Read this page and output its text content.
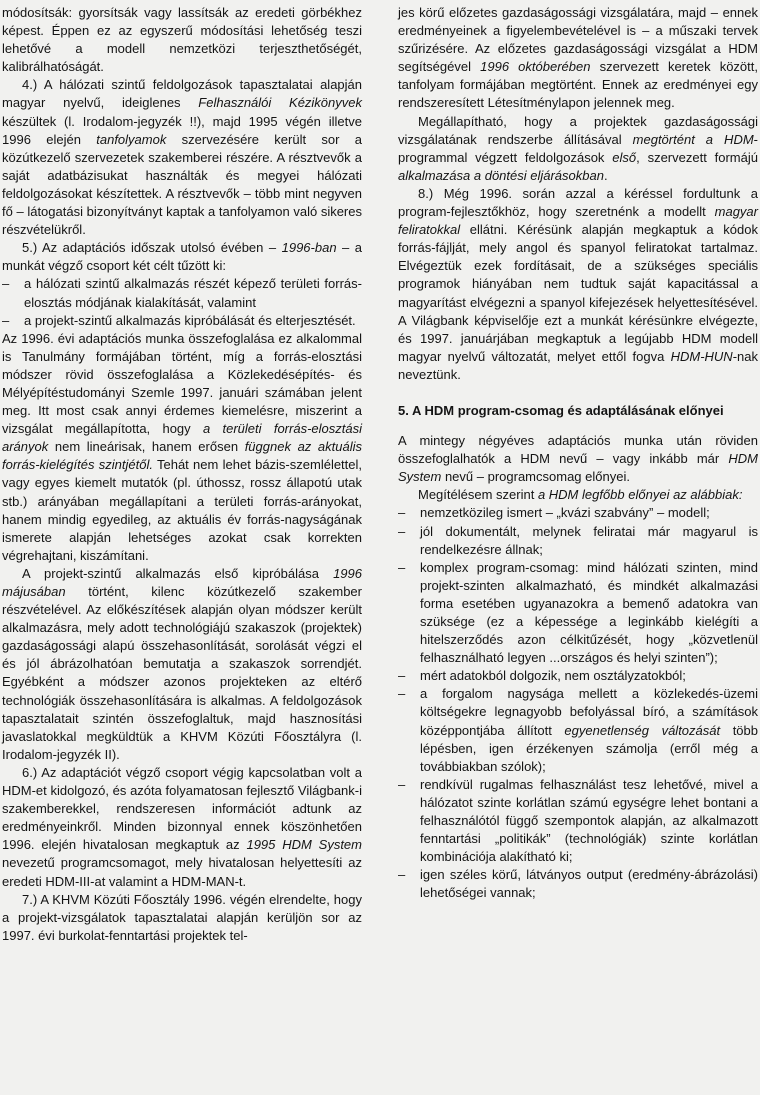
módosítsák: gyorsítsák vagy lassítsák az eredeti görbékhez képest. Éppen ez az egyszerű módosítási lehetőség teszi lehetővé a modell nemzetközi terjeszthetőségét, kalibrálhatóságát.

4.) A hálózati szintű feldolgozások tapasztalatai alapján magyar nyelvű, ideiglenes Felhasználói Kézikönyvek készültek (l. Irodalom-jegyzék !!), majd 1995 végén illetve 1996 elején tanfolyamok szervezésére került sor a közútkezelő szervezetek szakemberei részére. A résztvevők a saját adatbázisukat használták és megyei hálózati feldolgozásokat készítettek. A résztvevők – több mint negyven fő – látogatási bizonyítványt kaptak a tanfolyamon való sikeres részvételükről.

5.) Az adaptációs időszak utolsó évében – 1996-ban – a munkát végző csoport két célt tűzött ki:

– a hálózati szintű alkalmazás részét képező területi forrás-elosztás módjának kialakítását, valamint
– a projekt-szintű alkalmazás kipróbálását és elterjesztését.

Az 1996. évi adaptációs munka összefoglalása ez alkalommal is Tanulmány formájában történt, míg a forrás-elosztási módszer rövid összefoglalása a Közlekedésépítés- és Mélyépítéstudományi Szemle 1997. januári számában jelent meg. Itt most csak annyi érdemes kiemelésre, miszerint a vizsgálat megállapította, hogy a területi forrás-elosztási arányok nem lineárisak, hanem erősen függnek az aktuális forrás-kielégítés szintjétől. Tehát nem lehet bázis-szemlélettel, vagy egyes kiemelt mutatók (pl. úthossz, rossz állapotú utak stb.) arányában megállapítani a területi forrás-arányokat, hanem mindig egyedileg, az aktuális év forrás-nagyságának ismerete alapján lehetséges azokat csak korrekten végrehajtani, kiszámítani.

A projekt-szintű alkalmazás első kipróbálása 1996 májusában történt, kilenc közútkezelő szakember részvételével. Az előkészítések alapján olyan módszer került alkalmazásra, mely adott technológiájú szakaszok (projektek) gazdaságossági alapú összehasonlítását, sorolását végzi el és jól ábrázolhatóan bemutatja a szakaszok sorrendjét. Egyébként a módszer azonos projekteken az eltérő technológiák összehasonlítására is alkalmas. A feldolgozások tapasztalatait szintén összefoglaltuk, majd hasznosítási javaslatokkal megküldtük a KHVM Közúti Főosztályra (l. Irodalom-jegyzék II).

6.) Az adaptációt végző csoport végig kapcsolatban volt a HDM-et kidolgozó, és azóta folyamatosan fejlesztő Világbank-i szakemberekkel, rendszeresen információt adtunk az eredményeinkről. Minden bizonnyal ennek köszönhetően 1996. elején hivatalosan megkaptuk az 1995 HDM System nevezetű programcsomagot, mely hivatalosan helyettesíti az eredeti HDM-III-at valamint a HDM-MAN-t.

7.) A KHVM Közúti Főosztály 1996. végén elrendelte, hogy a projekt-vizsgálatok tapasztalatai alapján kerüljön sor az 1997. évi burkolat-fenntartási projektek tel-

jes körű előzetes gazdaságossági vizsgálatára, majd – ennek eredményeinek a figyelembevételével is – a műszaki tervek szűrizésére. Az előzetes gazdaságossági vizsgálat a HDM segítségével 1996 októberében szervezett keretek között, tanfolyam formájában megtörtént. Ennek az eredményei egy rendszeresített Létesítménylapon jelennek meg.

Megállapítható, hogy a projektek gazdaságossági vizsgálatának rendszerbe állításával megtörtént a HDM-programmal végzett feldolgozások első, szervezett formájú alkalmazása a döntési eljárásokban.

8.) Még 1996. során azzal a kéréssel fordultunk a program-fejlesztőkhöz, hogy szeretnénk a modellt magyar feliratokkal ellátni. Kérésünk alapján megkaptuk a kódok forrás-fájlját, mely angol és spanyol feliratokat tartalmaz. Elvégeztük ezek fordításait, de a szükséges speciális programok hiányában nem tudtuk saját kapacitással a magyarítást elvégezni a spanyol kifejezések helyettesítésével. A Világbank képviselője ezt a munkát kérésünkre elvégezte, és 1997. januárjában megkaptuk a legújabb HDM modell magyar nyelvű változatát, melyet ettől fogva HDM-HUN-nak neveztünk.

5. A HDM program-csomag és adaptálásának előnyei

A mintegy négyéves adaptációs munka után röviden összefoglalhatók a HDM nevű – vagy inkább már HDM System nevű – programcsomag előnyei.

Megítélésem szerint a HDM legfőbb előnyei az alábbiak:

– nemzetközileg ismert – „kvázi szabvány” – modell;
– jól dokumentált, melynek feliratai már magyarul is rendelkezésre állnak;
– komplex program-csomag: mind hálózati szinten, mind projekt-szinten alkalmazható, és mindkét alkalmazási forma esetében ugyanazokra a bemenő adatokra van szüksége (ez a képessége a leginkább kielégíti a hitelszerződés azon célkitűzését, hogy „közvetlenül felhasználható legyen ...országos és helyi szinten”);
– mért adatokból dolgozik, nem osztályzatokból;
– a forgalom nagysága mellett a közlekedés-üzemi költségekre legnagyobb befolyással bíró, a számítások középpontjába állított egyenetlenség változását több lépésben, igen érzékenyen számolja (erről még a továbbiakban szólok);
– rendkívül rugalmas felhasználást tesz lehetővé, mivel a hálózatot szinte korlátlan számú egységre lehet bontani a felhasználótól függő szempontok alapján, az alkalmazott fenntartási „politikák” (technológiák) szinte korlátlan kombinációja alakítható ki;
– igen széles körű, látványos output (eredmény-ábrázolási) lehetőségei vannak;
